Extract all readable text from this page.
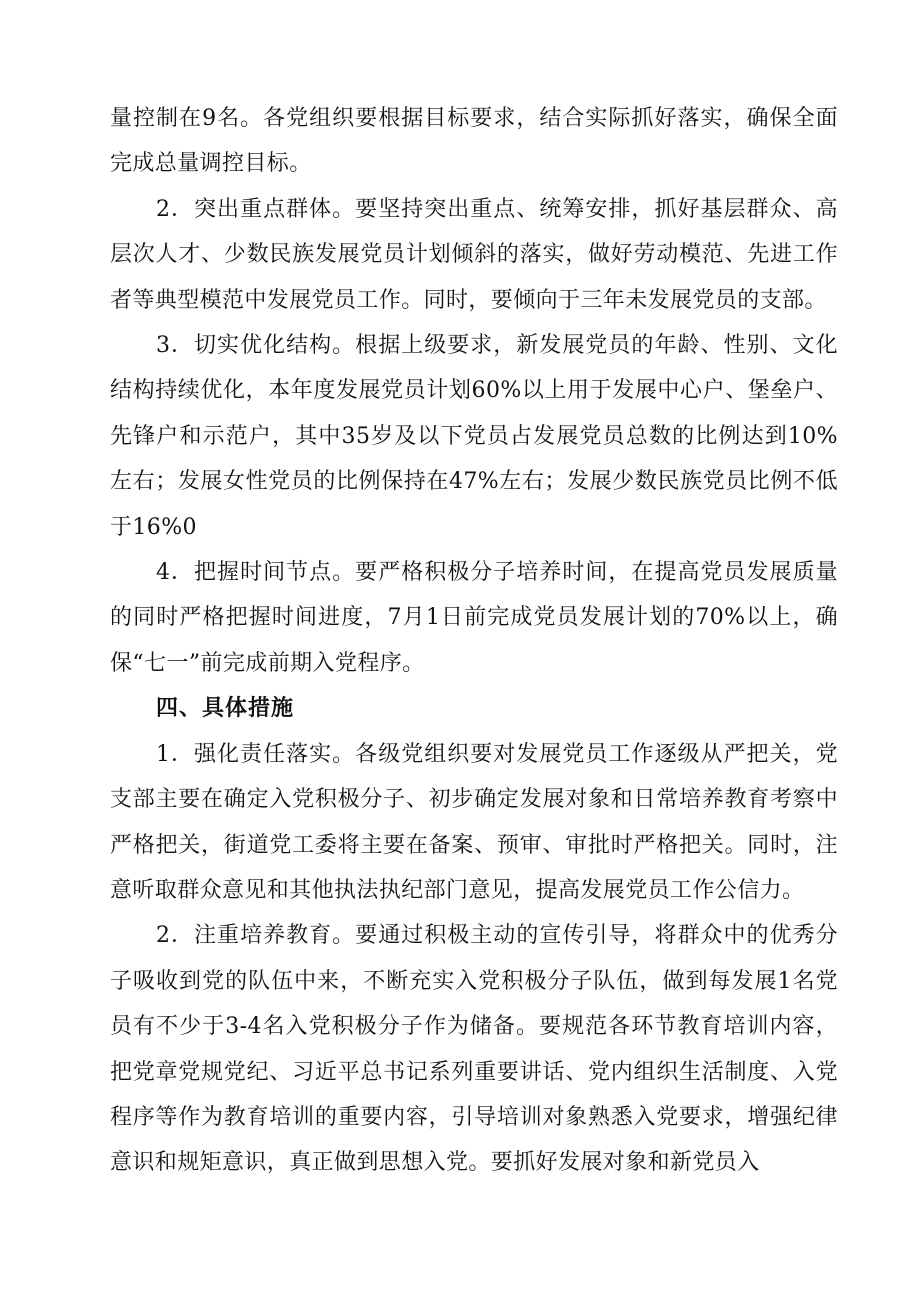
量控制在9名。各党组织要根据目标要求，结合实际抓好落实，确保全面完成总量调控目标。

2．突出重点群体。要坚持突出重点、统筹安排，抓好基层群众、高层次人才、少数民族发展党员计划倾斜的落实，做好劳动模范、先进工作者等典型模范中发展党员工作。同时，要倾向于三年未发展党员的支部。

3．切实优化结构。根据上级要求，新发展党员的年龄、性别、文化结构持续优化，本年度发展党员计划60%以上用于发展中心户、堡垒户、先锋户和示范户，其中35岁及以下党员占发展党员总数的比例达到10%左右；发展女性党员的比例保持在47%左右；发展少数民族党员比例不低于16%0

4．把握时间节点。要严格积极分子培养时间，在提高党员发展质量的同时严格把握时间进度，7月1日前完成党员发展计划的70%以上，确保“七一”前完成前期入党程序。

四、具体措施

1．强化责任落实。各级党组织要对发展党员工作逐级从严把关，党支部主要在确定入党积极分子、初步确定发展对象和日常培养教育考察中严格把关，街道党工委将主要在备案、预审、审批时严格把关。同时，注意听取群众意见和其他执法执纪部门意见，提高发展党员工作公信力。

2．注重培养教育。要通过积极主动的宣传引导，将群众中的优秀分子吸收到党的队伍中来，不断充实入党积极分子队伍，做到每发展1名党员有不少于3-4名入党积极分子作为储备。要规范各环节教育培训内容，把党章党规党纪、习近平总书记系列重要讲话、党内组织生活制度、入党程序等作为教育培训的重要内容，引导培训对象熟悉入党要求，增强纪律意识和规矩意识，真正做到思想入党。要抓好发展对象和新党员入
